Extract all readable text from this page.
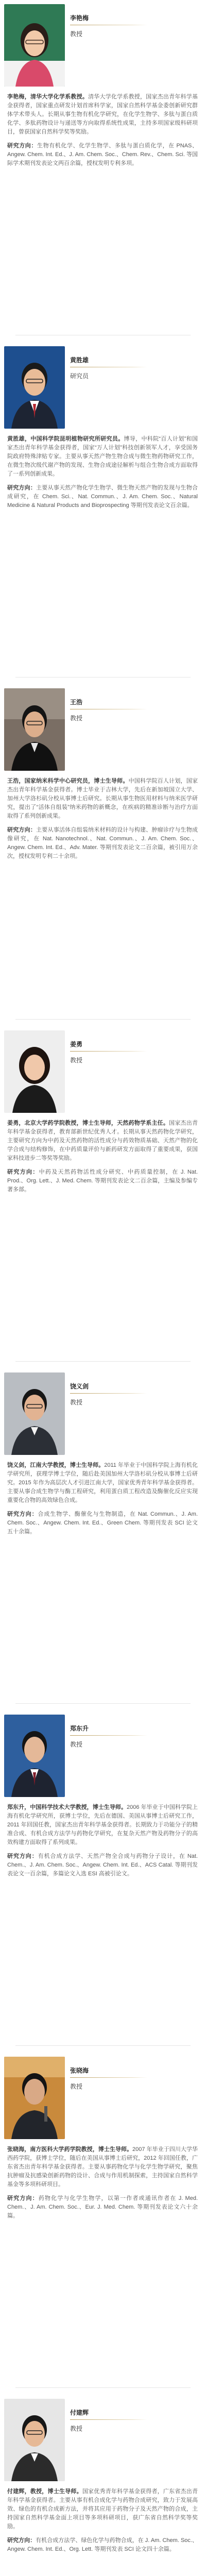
李艳梅
教授

李艳梅，清华大学化学系教授。清华大学化学系教授，国家杰出青年科学基金获得者，国家重点研发计划首席科学家，国家自然科学基金委创新研究群体学术带头人。长期从事生物有机化学研究，在化学生物学、多肽与蛋白质化学、多肽药物设计与递送等方向取得系统性成果，主持多项国家级科研项目，曾获国家自然科学奖等奖励。

研究方向：生物有机化学、化学生物学、多肽与蛋白质化学，在 PNAS、Angew. Chem. Int. Ed.、J. Am. Chem. Soc.、Chem. Rev.、Chem. Sci. 等国际学术期刊发表论文两百余篇，授权发明专利多项。

黄胜雄
研究员

黄胜雄，中国科学院昆明植物研究所研究员。博导，中科院“百人计划”和国家杰出青年科学基金获得者，国家“万人计划”科技创新领军人才，享受国务院政府特殊津贴专家。主要从事天然产物生物合成与微生物药物研究工作，在微生物次级代谢产物的发现、生物合成途径解析与组合生物合成方面取得了一系列创新成果。

研究方向：主要从事天然产物化学生物学、微生物天然产物的发现与生物合成研究，在 Chem. Sci.、Nat. Commun.、J. Am. Chem. Soc.、Natural Medicine & Natural Products and Bioprospecting 等期刊发表论文百余篇。

王浩
教授

王浩，国家纳米科学中心研究员，博士生导师。中国科学院百人计划，国家杰出青年科学基金获得者。博士毕业于吉林大学，先后在新加坡国立大学、加州大学洛杉矶分校从事博士后研究。长期从事生物医用材料与纳米医学研究，提出了“活体自组装”纳米药物的新概念，在疾病的精准诊断与治疗方面取得了系列创新成果。

研究方向：主要从事活体自组装纳米材料的设计与构建、肿瘤诊疗与生物成像研究，在 Nat. Nanotechnol.、Nat. Commun.、J. Am. Chem. Soc.、Angew. Chem. Int. Ed.、Adv. Mater. 等期刊发表论文二百余篇，被引用万余次，授权发明专利二十余项。

姜勇
教授

姜勇，北京大学药学院教授，博士生导师，天然药物学系主任。国家杰出青年科学基金获得者，教育部新世纪优秀人才。长期从事天然药物化学研究，主要研究方向为中药及天然药物的活性成分与药效物质基础、天然产物的化学合成与结构修饰，在中药质量评价与新药研发方面取得了重要成果，获国家科技进步二等奖等奖励。

研究方向：中药及天然药物活性成分研究、中药质量控制，在 J. Nat. Prod.、Org. Lett.、J. Med. Chem. 等期刊发表论文二百余篇，主编及参编专著多部。

饶义剑
教授

饶义剑，江南大学教授，博士生导师。2011 年毕业于中国科学院上海有机化学研究所，获理学博士学位，随后赴美国加州大学洛杉矶分校从事博士后研究。2015 年作为高层次人才引进江南大学，国家优秀青年科学基金获得者。主要从事合成生物学与酶工程研究，利用蛋白质工程改造及酶催化反应实现重要化合物的高效绿色合成。

研究方向：合成生物学、酶催化与生物制造，在 Nat. Commun.、J. Am. Chem. Soc.、Angew. Chem. Int. Ed.、Green Chem. 等期刊发表 SCI 论文五十余篇。

郑东升
教授

郑东升，中国科学技术大学教授，博士生导师。2006 年毕业于中国科学院上海有机化学研究所，获博士学位，先后在德国、美国从事博士后研究工作，2011 年回国任教，国家杰出青年科学基金获得者。长期致力于功能分子的精准合成、有机合成方法学与药物化学研究，在复杂天然产物及药物分子的高效构建方面取得了系列成果。

研究方向：有机合成方法学、天然产物全合成与药物分子设计，在 Nat. Chem.、J. Am. Chem. Soc.、Angew. Chem. Int. Ed.、ACS Catal. 等期刊发表论文一百余篇，多篇论文入选 ESI 高被引论文。

张晓海
教授

张晓海，南方医科大学药学院教授，博士生导师。2007 年毕业于四川大学华西药学院，获博士学位，随后在美国从事博士后研究，2012 年回国任教，广东省杰出青年科学基金获得者。主要从事药物化学与化学生物学研究，聚焦抗肿瘤及抗感染创新药物的设计、合成与作用机制探索，主持国家自然科学基金等多项科研项目。

研究方向：药物化学与化学生物学，以第一作者或通讯作者在 J. Med. Chem.、J. Am. Chem. Soc.、Eur. J. Med. Chem. 等期刊发表论文六十余篇。

付建辉
教授

付建辉，教授，博士生导师。国家优秀青年科学基金获得者，广东省杰出青年科学基金获得者。主要从事有机合成化学与药物合成研究，致力于发展高效、绿色的有机合成新方法，并将其应用于药物分子及天然产物的合成，主持国家自然科学基金面上项目等多项科研项目，获广东省自然科学奖等奖励。

研究方向：有机合成方法学、绿色化学与药物合成，在 J. Am. Chem. Soc.、Angew. Chem. Int. Ed.、Org. Lett. 等期刊发表 SCI 论文四十余篇。
